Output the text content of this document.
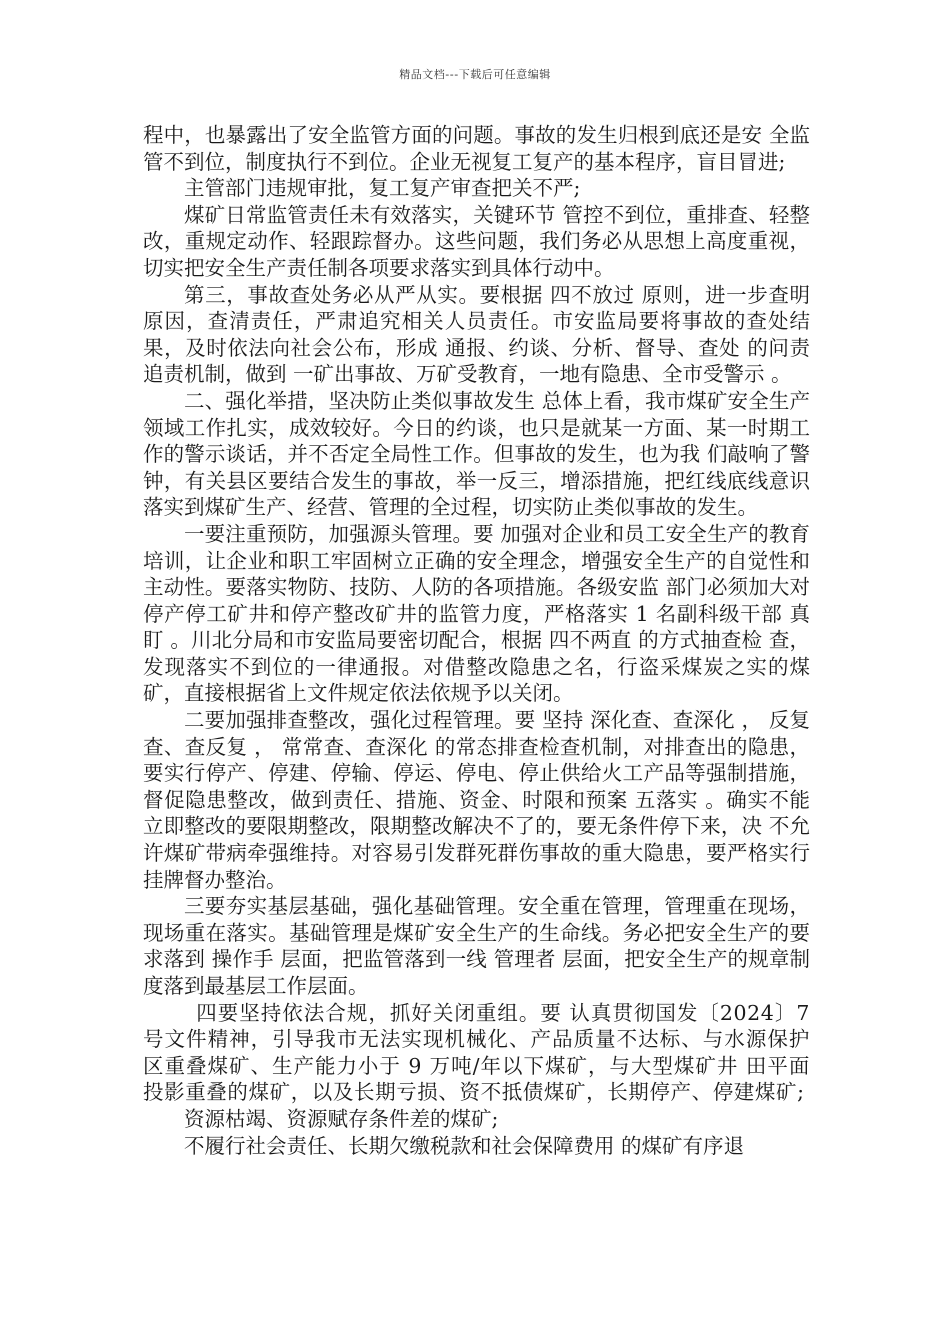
精品文档---下载后可任意编辑

程中，也暴露出了安全监管方面的问题。事故的发生归根到底还是安 全监管不到位，制度执行不到位。企业无视复工复产的基本程序，盲目冒进;

主管部门违规审批，复工复产审查把关不严;

煤矿日常监管责任未有效落实，关键环节 管控不到位，重排查、轻整改，重规定动作、轻跟踪督办。这些问题，我们务必从思想上高度重视，切实把安全生产责任制各项要求落实到具体行动中。

第三，事故查处务必从严从实。要根据 四不放过 原则，进一步查明原因，查清责任，严肃追究相关人员责任。市安监局要将事故的查处结果，及时依法向社会公布，形成 通报、约谈、分析、督导、查处 的问责追责机制，做到 一矿出事故、万矿受教育，一地有隐患、全市受警示 。

二、强化举措，坚决防止类似事故发生 总体上看，我市煤矿安全生产领域工作扎实，成效较好。今日的约谈，也只是就某一方面、某一时期工作的警示谈话，并不否定全局性工作。但事故的发生，也为我 们敲响了警钟，有关县区要结合发生的事故，举一反三，增添措施，把红线底线意识落实到煤矿生产、经营、管理的全过程，切实防止类似事故的发生。

一要注重预防，加强源头管理。要 加强对企业和员工安全生产的教育培训，让企业和职工牢固树立正确的安全理念，增强安全生产的自觉性和主动性。要落实物防、技防、人防的各项措施。各级安监 部门必须加大对停产停工矿井和停产整改矿井的监管力度，严格落实 1 名副科级干部 真盯 。川北分局和市安监局要密切配合，根据 四不两直 的方式抽查检 查，发现落实不到位的一律通报。对借整改隐患之名，行盗采煤炭之实的煤矿，直接根据省上文件规定依法依规予以关闭。

二要加强排查整改，强化过程管理。要 坚持 深化查、查深化 ， 反复查、查反复 ， 常常查、查深化 的常态排查检查机制，对排查出的隐患，要实行停产、停建、停输、停运、停电、停止供给火工产品等强制措施，督促隐患整改，做到责任、措施、资金、时限和预案 五落实 。确实不能立即整改的要限期整改，限期整改解决不了的，要无条件停下来，决 不允许煤矿带病牵强维持。对容易引发群死群伤事故的重大隐患，要严格实行挂牌督办整治。

三要夯实基层基础，强化基础管理。安全重在管理，管理重在现场，现场重在落实。基础管理是煤矿安全生产的生命线。务必把安全生产的要求落到 操作手 层面，把监管落到一线 管理者 层面，把安全生产的规章制度落到最基层工作层面。

四要坚持依法合规，抓好关闭重组。要 认真贯彻国发〔2024〕7 号文件精神，引导我市无法实现机械化、产品质量不达标、与水源保护区重叠煤矿、生产能力小于 9 万吨/年以下煤矿，与大型煤矿井 田平面投影重叠的煤矿，以及长期亏损、资不抵债煤矿，长期停产、停建煤矿;

资源枯竭、资源赋存条件差的煤矿;

不履行社会责任、长期欠缴税款和社会保障费用 的煤矿有序退
